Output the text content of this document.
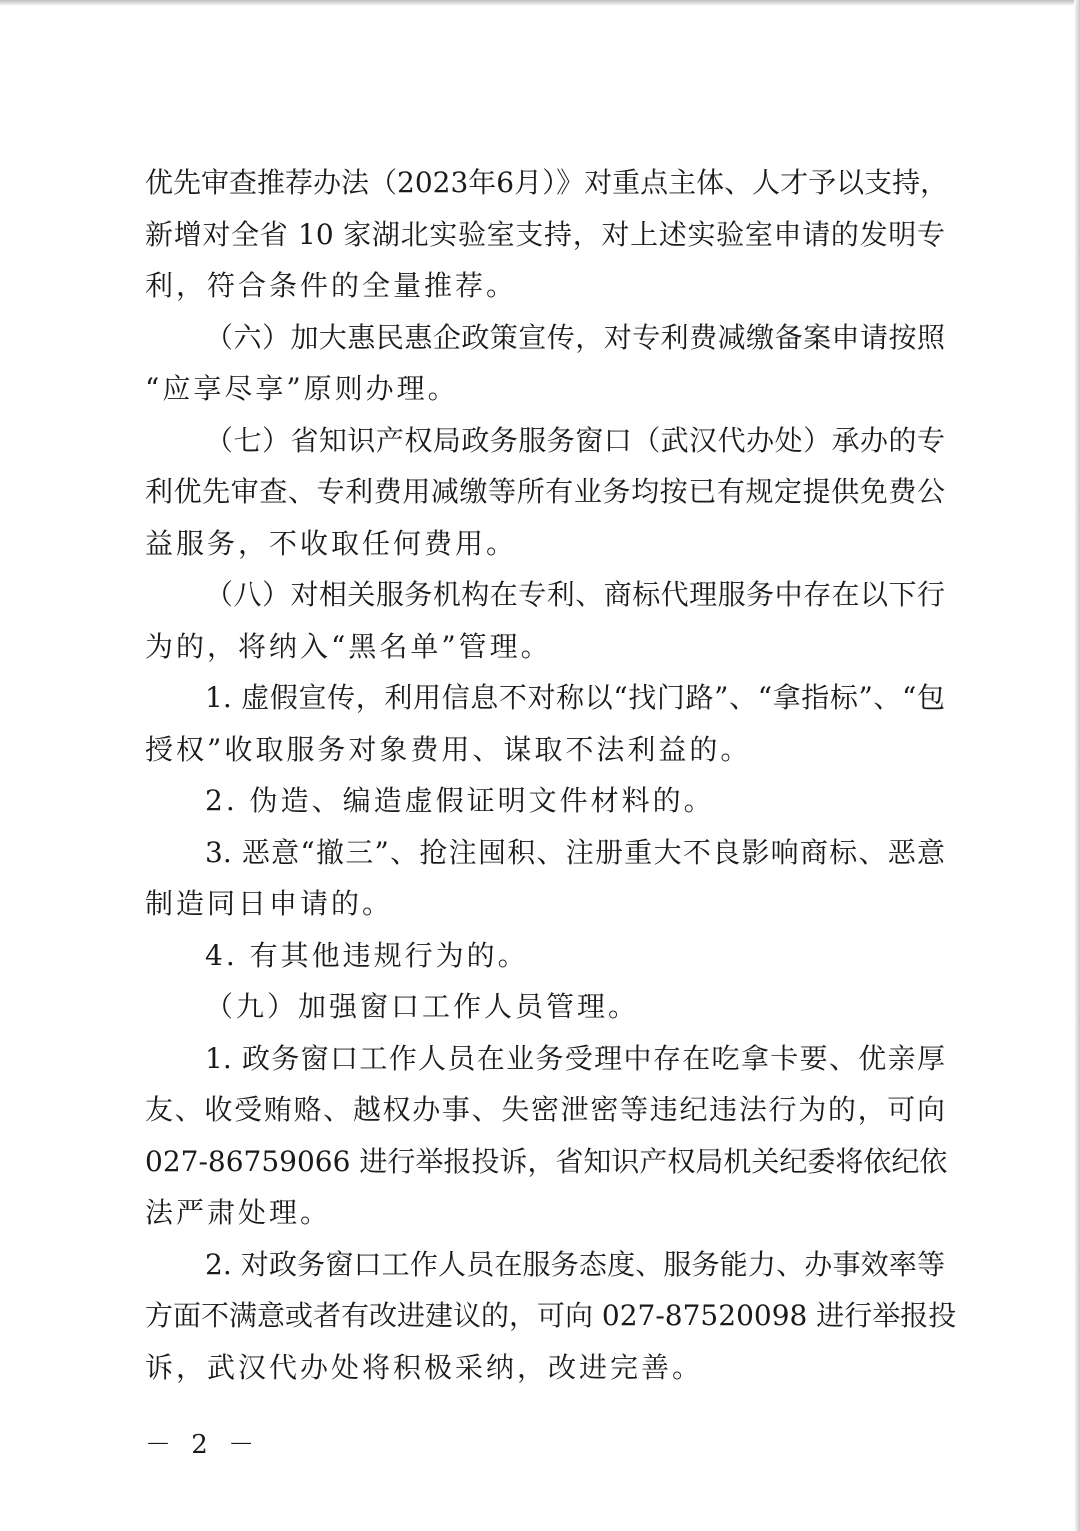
优先审查推荐办法（2023年6月）》对重点主体、人才予以支持，
新增对全省 10 家湖北实验室支持，对上述实验室申请的发明专
利，符合条件的全量推荐。
（六）加大惠民惠企政策宣传，对专利费减缴备案申请按照
“应享尽享”原则办理。
（七）省知识产权局政务服务窗口（武汉代办处）承办的专
利优先审查、专利费用减缴等所有业务均按已有规定提供免费公
益服务，不收取任何费用。
（八）对相关服务机构在专利、商标代理服务中存在以下行
为的，将纳入“黑名单”管理。
1. 虚假宣传，利用信息不对称以“找门路”、“拿指标”、“包
授权”收取服务对象费用、谋取不法利益的。
2. 伪造、编造虚假证明文件材料的。
3. 恶意“撤三”、抢注囤积、注册重大不良影响商标、恶意
制造同日申请的。
4. 有其他违规行为的。
（九）加强窗口工作人员管理。
1. 政务窗口工作人员在业务受理中存在吃拿卡要、优亲厚
友、收受贿赂、越权办事、失密泄密等违纪违法行为的，可向
027-86759066 进行举报投诉，省知识产权局机关纪委将依纪依
法严肃处理。
2. 对政务窗口工作人员在服务态度、服务能力、办事效率等
方面不满意或者有改进建议的，可向 027-87520098 进行举报投
诉，武汉代办处将积极采纳，改进完善。
－ 2 －
